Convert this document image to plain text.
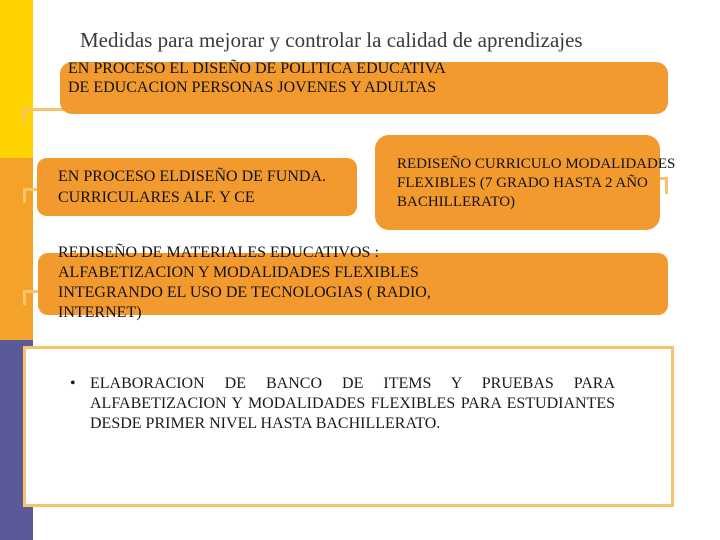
Medidas para mejorar y controlar la calidad de aprendizajes
EN PROCESO EL DISEÑO DE POLITICA EDUCATIVA DE EDUCACION PERSONAS JOVENES Y ADULTAS
EN PROCESO ELDISEÑO DE FUNDA. CURRICULARES ALF. Y CE
REDISEÑO CURRICULO MODALIDADES FLEXIBLES (7 GRADO HASTA 2 AÑO BACHILLERATO)
REDISEÑO DE MATERIALES EDUCATIVOS : ALFABETIZACION Y MODALIDADES FLEXIBLES INTEGRANDO EL USO DE TECNOLOGIAS ( RADIO, INTERNET)
• ELABORACION DE BANCO DE ITEMS Y PRUEBAS PARA ALFABETIZACION Y MODALIDADES FLEXIBLES PARA ESTUDIANTES DESDE PRIMER NIVEL HASTA BACHILLERATO.
